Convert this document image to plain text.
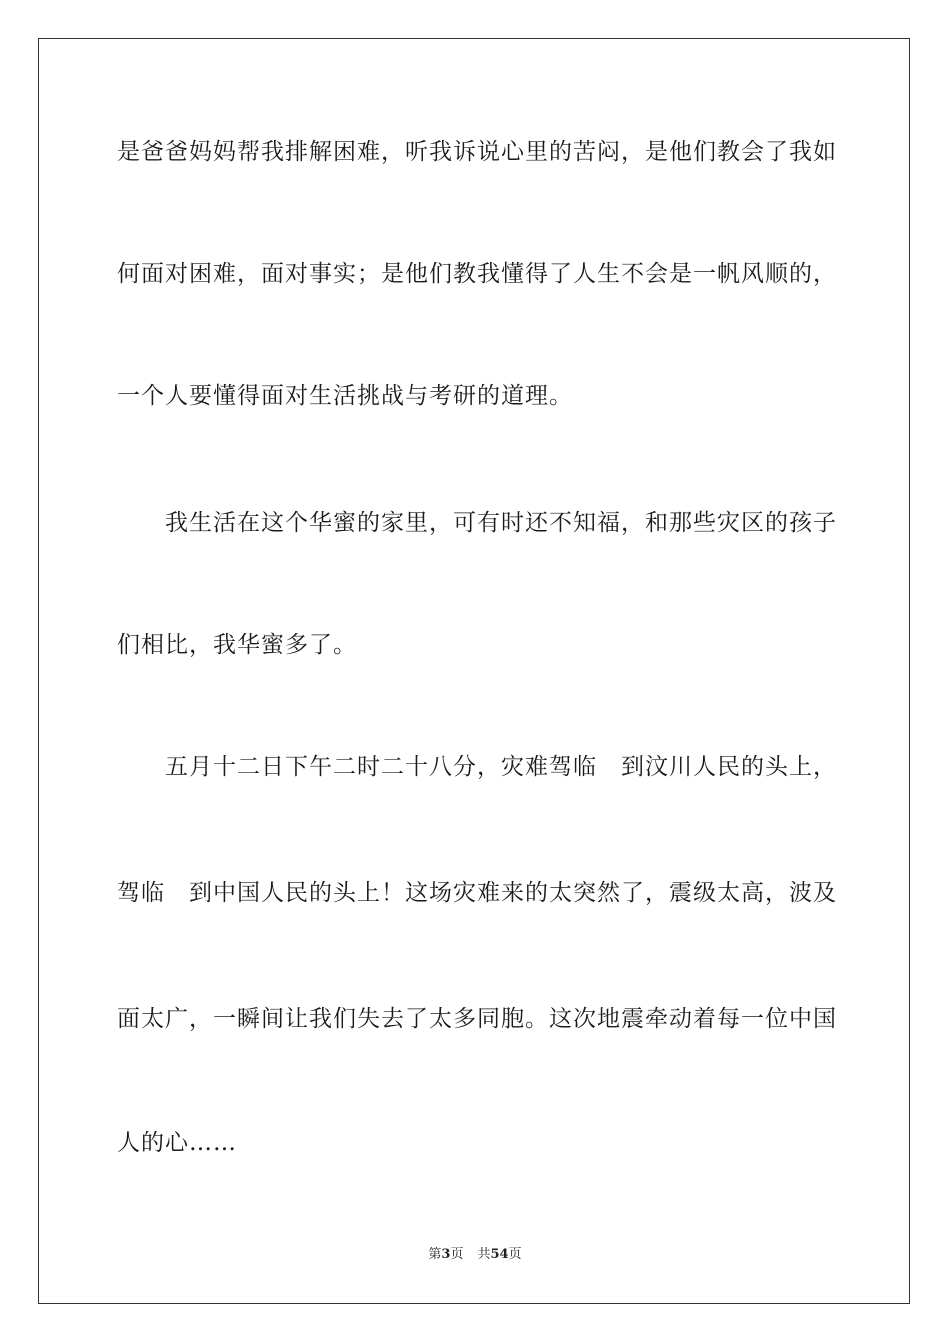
是爸爸妈妈帮我排解困难，听我诉说心里的苦闷，是他们教会了我如
何面对困难，面对事实；是他们教我懂得了人生不会是一帆风顺的，
一个人要懂得面对生活挑战与考研的道理。
我生活在这个华蜜的家里，可有时还不知福，和那些灾区的孩子
们相比，我华蜜多了。
五月十二日下午二时二十八分，灾难驾临　到汶川人民的头上，
驾临　到中国人民的头上！这场灾难来的太突然了，震级太高，波及
面太广，一瞬间让我们失去了太多同胞。这次地震牵动着每一位中国
人的心……
第3页 共54页
